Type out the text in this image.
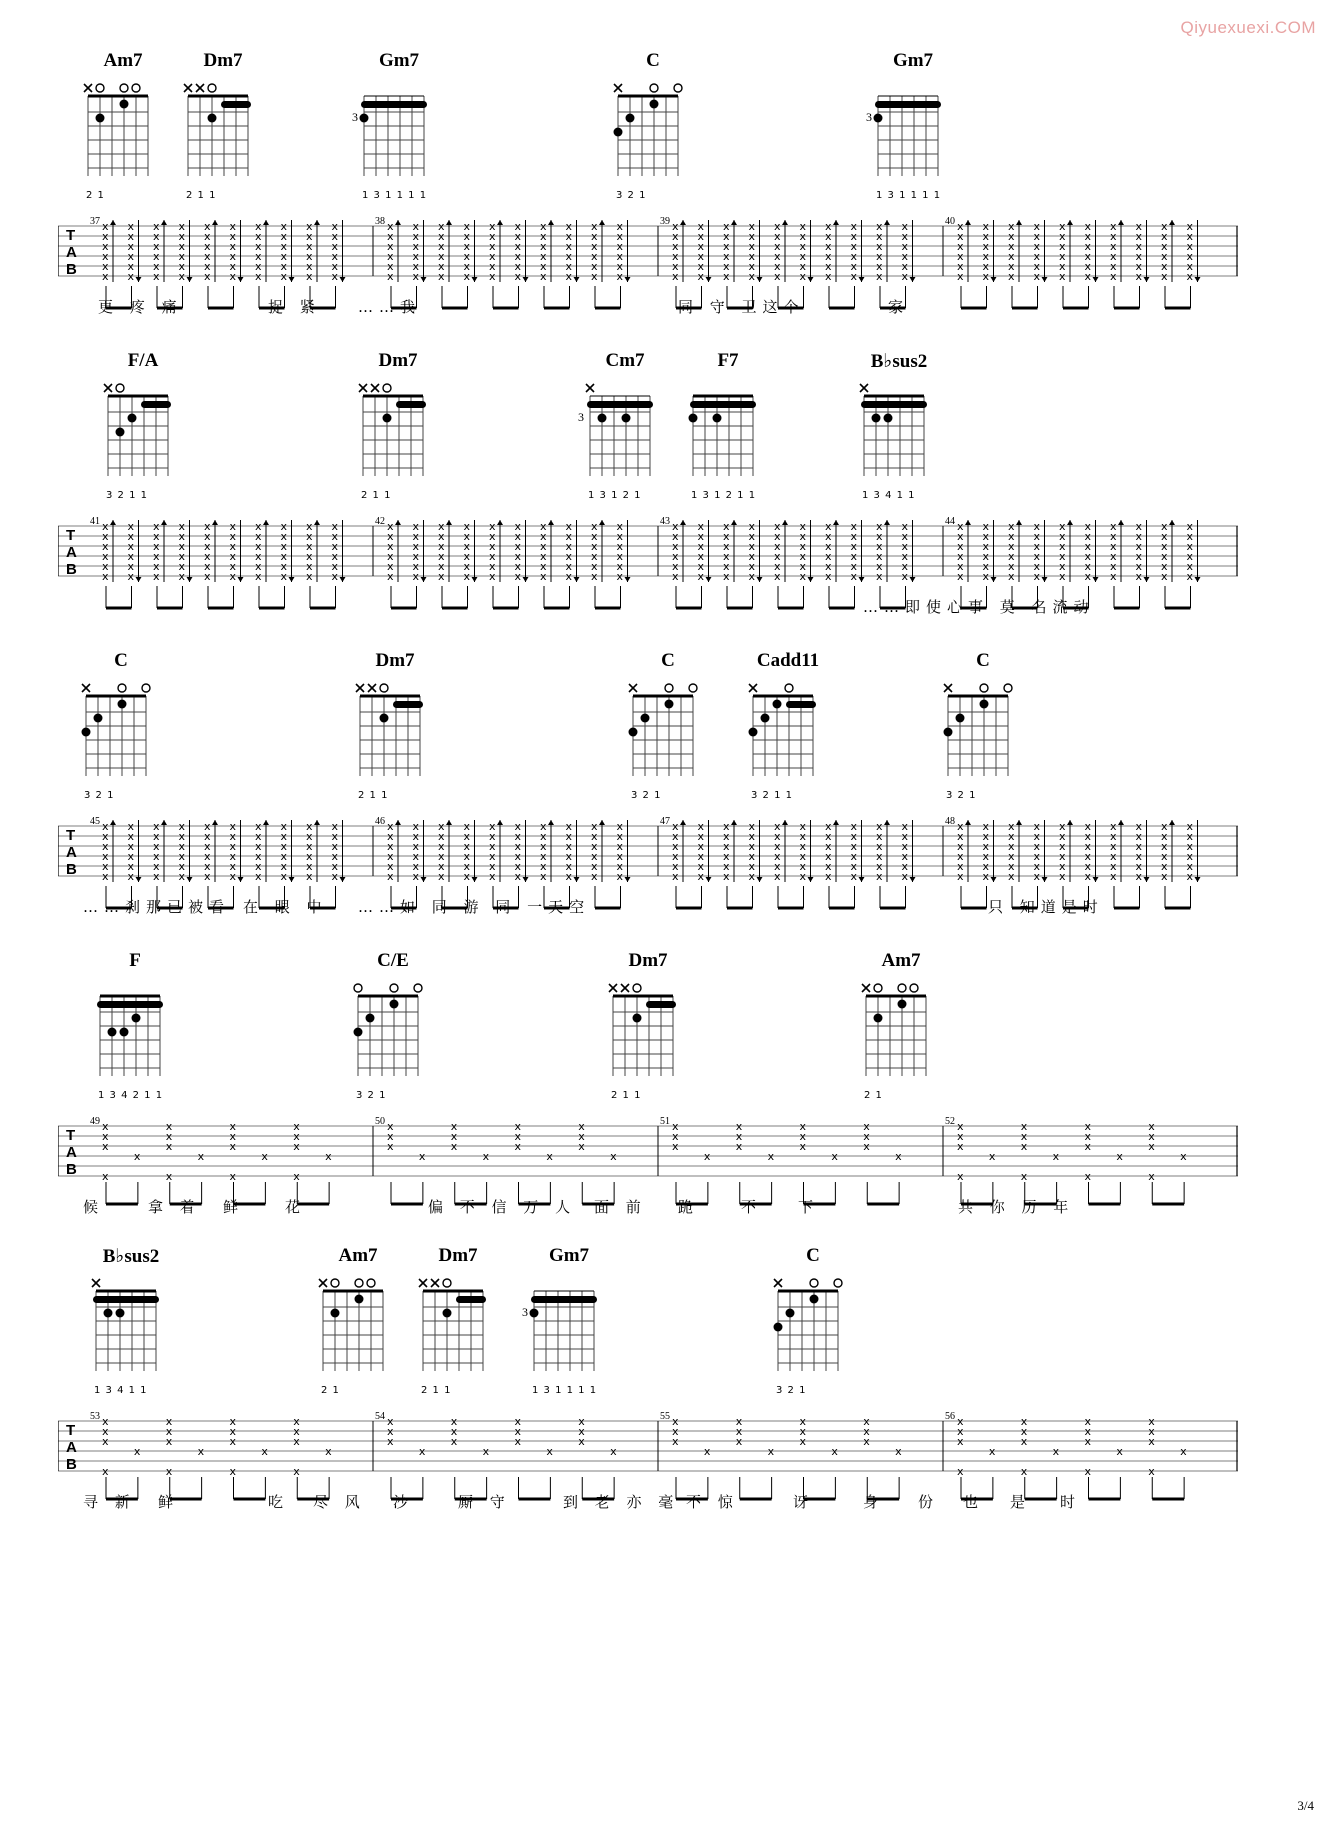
Qiyuexuexi.COM
Am7
2 1
Dm7
2 1 1
Gm7
3
1 3 1 1 1 1
C
3 2 1
Gm7
3
1 3 1 1 1 1
T
A
B
37 x
x
x
x
x
x
x
x
x
x
x
x
x
x
x
x
x
x
x
x
x
x
x
x
x
x
x
x
x
x
x
x
x
x
x
x
x
x
x
x
x
x
x
x
x
x
x
x
x
x
x
x
x
x
x
x
x
x
x
x
38 x
x
x
x
x
x
x
x
x
x
x
x
x
x
x
x
x
x
x
x
x
x
x
x
x
x
x
x
x
x
x
x
x
x
x
x
x
x
x
x
x
x
x
x
x
x
x
x
x
x
x
x
x
x
x
x
x
x
x
x
39 x
x
x
x
x
x
x
x
x
x
x
x
x
x
x
x
x
x
x
x
x
x
x
x
x
x
x
x
x
x
x
x
x
x
x
x
x
x
x
x
x
x
x
x
x
x
x
x
x
x
x
x
x
x
x
x
x
x
x
x
40 x
x
x
x
x
x
x
x
x
x
x
x
x
x
x
x
x
x
x
x
x
x
x
x
x
x
x
x
x
x
x
x
x
x
x
x
x
x
x
x
x
x
x
x
x
x
x
x
x
x
x
x
x
x
x
x
x
x
x
x
更 疼 痛	捉 紧 ……我	同 守 卫这个	家
F/A
3 2 1 1
Dm7
2 1 1
Cm7
3
1 3 1 2 1
F7
1 3 1 2 1 1
B♭sus2
1 3 4 1 1
T
A
B
41 x
x
x
x
x
x
x
x
x
x
x
x
x
x
x
x
x
x
x
x
x
x
x
x
x
x
x
x
x
x
x
x
x
x
x
x
x
x
x
x
x
x
x
x
x
x
x
x
x
x
x
x
x
x
x
x
x
x
x
x
42 x
x
x
x
x
x
x
x
x
x
x
x
x
x
x
x
x
x
x
x
x
x
x
x
x
x
x
x
x
x
x
x
x
x
x
x
x
x
x
x
x
x
x
x
x
x
x
x
x
x
x
x
x
x
x
x
x
x
x
x
43 x
x
x
x
x
x
x
x
x
x
x
x
x
x
x
x
x
x
x
x
x
x
x
x
x
x
x
x
x
x
x
x
x
x
x
x
x
x
x
x
x
x
x
x
x
x
x
x
x
x
x
x
x
x
x
x
x
x
x
x
44 x
x
x
x
x
x
x
x
x
x
x
x
x
x
x
x
x
x
x
x
x
x
x
x
x
x
x
x
x
x
x
x
x
x
x
x
x
x
x
x
x
x
x
x
x
x
x
x
x
x
x
x
x
x
x
x
x
x
x
x
……即使心事 莫 名流动
C
3 2 1
Dm7
2 1 1
C
3 2 1
Cadd11
3 2 1 1
C
3 2 1
T
A
B
45 x
x
x
x
x
x
x
x
x
x
x
x
x
x
x
x
x
x
x
x
x
x
x
x
x
x
x
x
x
x
x
x
x
x
x
x
x
x
x
x
x
x
x
x
x
x
x
x
x
x
x
x
x
x
x
x
x
x
x
x
46 x
x
x
x
x
x
x
x
x
x
x
x
x
x
x
x
x
x
x
x
x
x
x
x
x
x
x
x
x
x
x
x
x
x
x
x
x
x
x
x
x
x
x
x
x
x
x
x
x
x
x
x
x
x
x
x
x
x
x
x
47 x
x
x
x
x
x
x
x
x
x
x
x
x
x
x
x
x
x
x
x
x
x
x
x
x
x
x
x
x
x
x
x
x
x
x
x
x
x
x
x
x
x
x
x
x
x
x
x
x
x
x
x
x
x
x
x
x
x
x
x
48 x
x
x
x
x
x
x
x
x
x
x
x
x
x
x
x
x
x
x
x
x
x
x
x
x
x
x
x
x
x
x
x
x
x
x
x
x
x
x
x
x
x
x
x
x
x
x
x
x
x
x
x
x
x
x
x
x
x
x
x
……刹那已被看 在 眼 中 ……如 同 游 同 一天空	只 知道是时
F
1 3 4 2 1 1
C/E
3 2 1
Dm7
2 1 1
Am7
2 1
T
A
B
49 x
x
x
x
x
x
x
x
x
x
x
x
x
x
x
x
x
x
x
x
50 x
x
x
x
x
x
x
x
x
x
x
x
x
x
x
x
51 x
x
x
x
x
x
x
x
x
x
x
x
x
x
x
x
52 x
x
x
x
x
x
x
x
x
x
x
x
x
x
x
x
x
x
x
x
候	拿 着 鲜	花	偏 不 信 万 人 面 前 跪	不 下	共 你 历 年
B♭sus2
1 3 4 1 1
Am7
2 1
Dm7
2 1 1
Gm7
3
1 3 1 1 1 1
C
3 2 1
T
A
B
53 x
x
x
x
x
x
x
x
x
x
x
x
x
x
x
x
x
x
x
x
54 x
x
x
x
x
x
x
x
x
x
x
x
x
x
x
x
55 x
x
x
x
x
x
x
x
x
x
x
x
x
x
x
x
56 x
x
x
x
x
x
x
x
x
x
x
x
x
x
x
x
x
x
x
x
寻 新 鲜	吃 尽 风 沙	厮 守	到 老 亦 毫 不 惊	讶	身 份 也 是 时
3/4
